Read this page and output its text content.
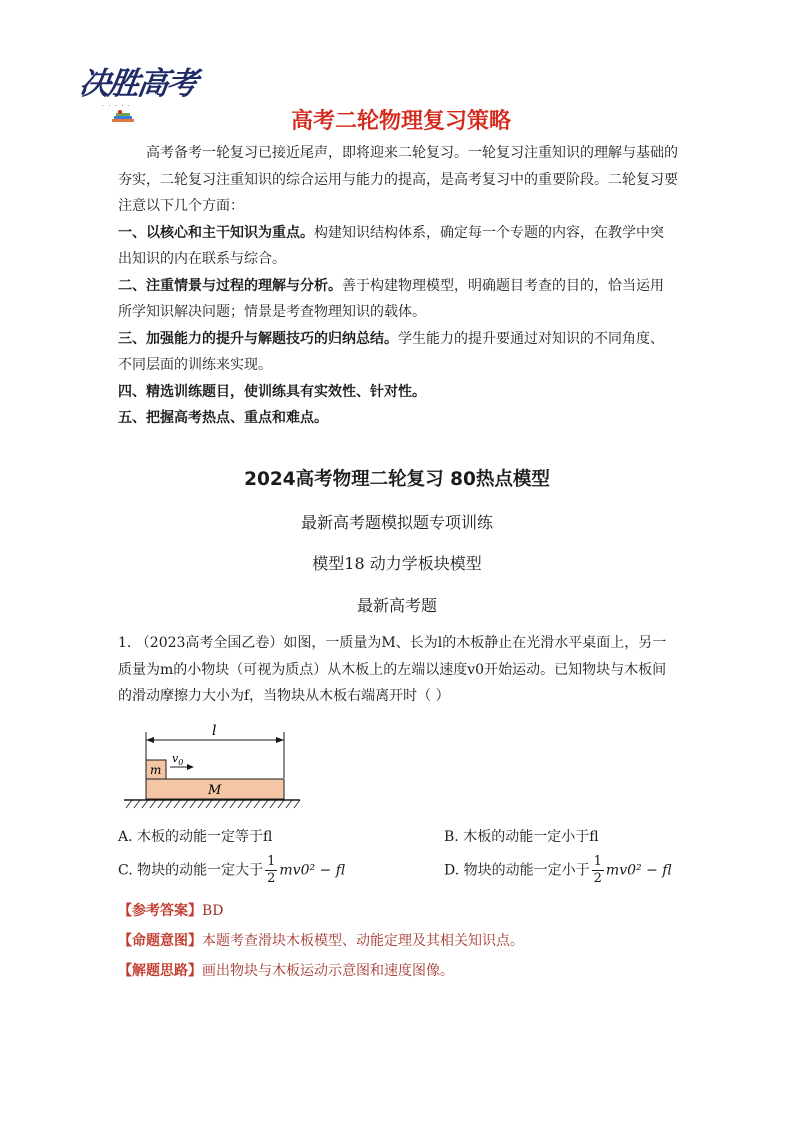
决胜高考
· · · · ·
高考二轮物理复习策略

高考备考一轮复习已接近尾声，即将迎来二轮复习。一轮复习注重知识的理解与基础的

夯实，二轮复习注重知识的综合运用与能力的提高，是高考复习中的重要阶段。二轮复习要

注意以下几个方面：

一、以核心和主干知识为重点。构建知识结构体系，确定每一个专题的内容，在教学中突

出知识的内在联系与综合。

二、注重情景与过程的理解与分析。善于构建物理模型，明确题目考查的目的，恰当运用

所学知识解决问题；情景是考查物理知识的载体。

三、加强能力的提升与解题技巧的归纳总结。学生能力的提升要通过对知识的不同角度、

不同层面的训练来实现。

四、精选训练题目，使训练具有实效性、针对性。

五、把握高考热点、重点和难点。

2024高考物理二轮复习 80热点模型
最新高考题模拟题专项训练
模型18 动力学板块模型
最新高考题

1. （2023高考全国乙卷）如图，一质量为M、长为l的木板静止在光滑水平桌面上，另一

质量为m的小物块（可视为质点）从木板上的左端以速度v0开始运动。已知物块与木板间

的滑动摩擦力大小为f，当物块从木板右端离开时（ ）

l
m
$v_0$
M
A. 木板的动能一定等于fl	B. 木板的动能一定小于fl
C. 物块的动能一定大于 $\frac{1}{2} mv0^2$ − fl	D. 物块的动能一定小于 $\frac{1}{2} mv0^2$ − fl
【参考答案】BD
【命题意图】本题考查滑块木板模型、动能定理及其相关知识点。
【解题思路】画出物块与木板运动示意图和速度图像。
